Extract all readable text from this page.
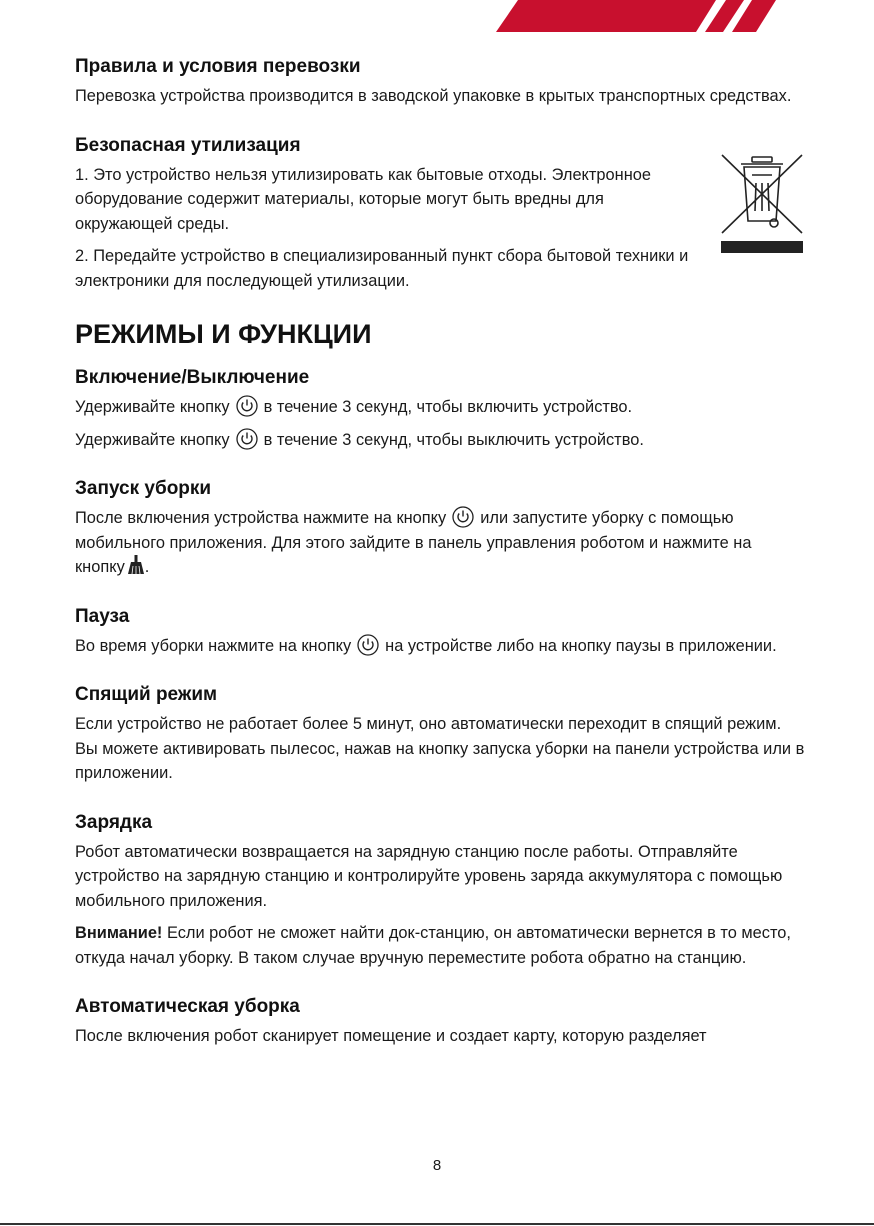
Правила и условия перевозки

Перевозка устройства производится в заводской упаковке в крытых транспортных средствах.

Безопасная утилизация

1. Это устройство нельзя утилизировать как бытовые отходы. Электронное оборудование содержит материалы, которые могут быть вредны для окружающей среды.

2. Передайте устройство в специализированный пункт сбора бытовой техники и электроники для последующей утилизации.

РЕЖИМЫ И ФУНКЦИИ
Включение/Выключение

Удерживайте кнопку в течение 3 секунд, чтобы включить устройство.

Удерживайте кнопку в течение 3 секунд, чтобы выключить устройство.

Запуск уборки

После включения устройства нажмите на кнопку или запустите уборку с помощью мобильного приложения. Для этого зайдите в панель управления роботом и нажмите на кнопку .

Пауза

Во время уборки нажмите на кнопку на устройстве либо на кнопку паузы в приложении.

Спящий режим

Если устройство не работает более 5 минут, оно автоматически переходит в спящий режим. Вы можете активировать пылесос, нажав на кнопку запуска уборки на панели устройства или в приложении.

Зарядка

Робот автоматически возвращается на зарядную станцию после работы. Отправляйте устройство на зарядную станцию и контролируйте уровень заряда аккумулятора с помощью мобильного приложения.

Внимание! Если робот не сможет найти док-станцию, он автоматически вернется в то место, откуда начал уборку. В таком случае вручную переместите робота обратно на станцию.

Автоматическая уборка

После включения робот сканирует помещение и создает карту, которую разделяет

8
